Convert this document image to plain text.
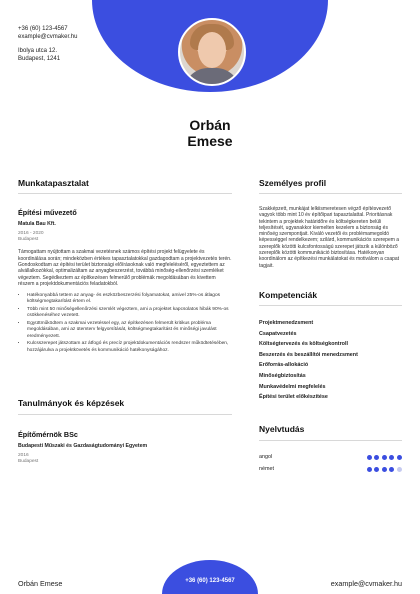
+36 (60) 123-4567
example@cvmaker.hu
Ibolya utca 12.
Budapest, 1241
Orbán
Emese
Munkatapasztalat
Építési művezető
Matula Bau Kft.
2016 - 2020
Budapest
Támogattam nyújtottam a szakmai vezetésnek számos építési projekt felügyelete és koordinálása során; mindeközben értékes tapasztalatokkal gazdagodtam a projektvezetés terén. Gondoskodtam az építési terület biztonsági előírásoknak való megfeleléséről, egyeztettem az alvállalkozókkal, optimalizáltam az anyagbeszerzést, továbbá minőség-ellenőrzési szemléket végeztem. Segédkeztem az építkezésen felmerülő problémák megoldásában és kivettem részem a projektdokumentációs feladatokból.
• Hatékonyabbá tettem az anyag- és eszközbeszerzési folyamatokat, amivel 25%-os átlagos költségmegtakarítást értem el.
• Több mint 50 minőségellenőrzési szemlét végeztem, ami a projektet kapcsolatos hibák 90%-os csökkenéséhez vezetett.
• Együttműködtem a szakmai vezetéssel egy, az építkezésen felmerült kritikus probléma megoldásában, ami az ütemterv felgyorsítását, költségmegtakarítást és minőségi javulást eredményezett.
• Kulcsszerepet játszottam az átfogó és precíz projektdokumentációs rendszer működtetésében, hozzájárulva a projektkövetés és kommunikáció hatékonyságához.
Tanulmányok és képzések
Építőmérnök BSc
Budapesti Műszaki és Gazdaságtudományi Egyetem
2016
Budapest
Személyes profil
Szakképzett, munkájat lelkiismeretesen végző építésvezető vagyok több mint 10 év építőipari tapasztalattal. Prioritásnak tekintem a projektek határidőre és költségkereten belüli teljesítését, ugyanakkor kiemelten kezelem a biztonság és minőség szempontjait. Kiváló vezetői és problémamegoldó képességgel rendelkezem; szilárd, kommunikációs szerepem a szereplők közötti kulcsfontosságú szerepet játszik a különböző szereplők közötti kommunikáció biztosítása. Hatékonyan koordinálom az építkezési munkálatokat és motiválom a csapat tagjait.
Kompetenciák
Projektmenedzsment
Csapatvezetés
Költségtervezés és költségkontroll
Beszerzés és beszállítói menedzsment
Erőforrás-allokáció
Minőségbiztosítás
Munkavédelmi megfelelés
Építési terület előkészítése
Nyelvtudás
angol
német
Orbán Emese	+36 (60) 123-4567	example@cvmaker.hu
